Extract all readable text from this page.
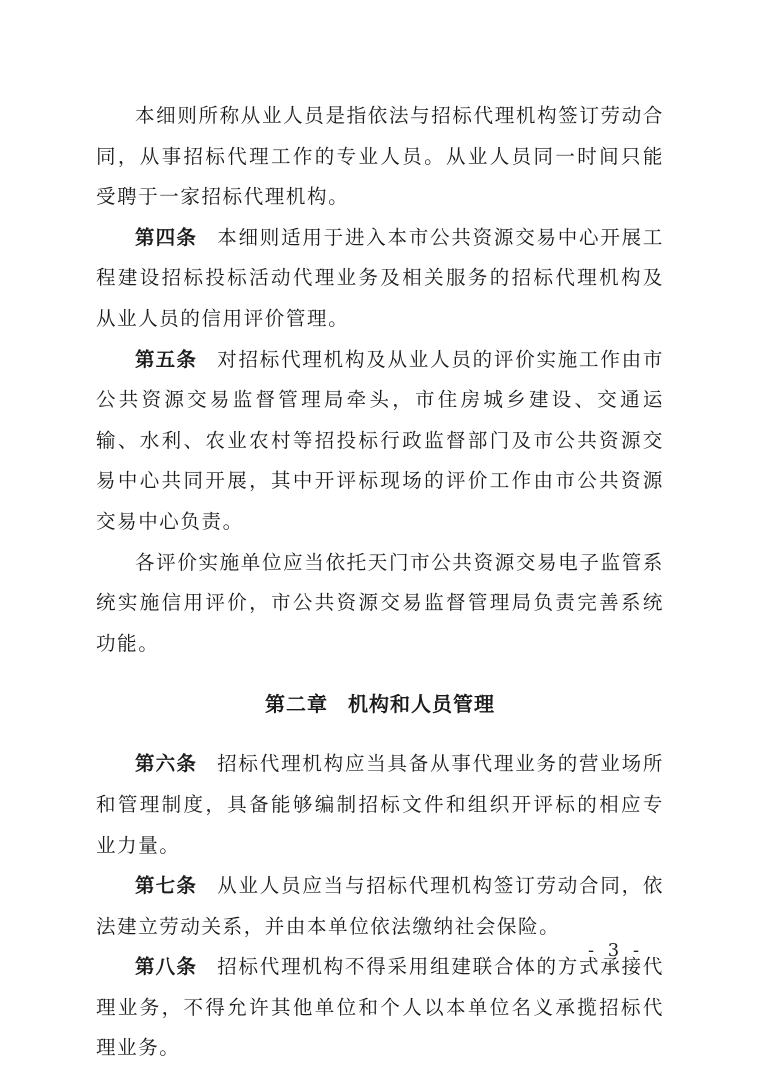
本细则所称从业人员是指依法与招标代理机构签订劳动合同，从事招标代理工作的专业人员。从业人员同一时间只能受聘于一家招标代理机构。

第四条 本细则适用于进入本市公共资源交易中心开展工程建设招标投标活动代理业务及相关服务的招标代理机构及从业人员的信用评价管理。

第五条 对招标代理机构及从业人员的评价实施工作由市公共资源交易监督管理局牵头，市住房城乡建设、交通运输、水利、农业农村等招投标行政监督部门及市公共资源交易中心共同开展，其中开评标现场的评价工作由市公共资源交易中心负责。

各评价实施单位应当依托天门市公共资源交易电子监管系统实施信用评价，市公共资源交易监督管理局负责完善系统功能。

第二章 机构和人员管理

第六条 招标代理机构应当具备从事代理业务的营业场所和管理制度，具备能够编制招标文件和组织开评标的相应专业力量。

第七条 从业人员应当与招标代理机构签订劳动合同，依法建立劳动关系，并由本单位依法缴纳社会保险。

第八条 招标代理机构不得采用组建联合体的方式承接代理业务，不得允许其他单位和个人以本单位名义承揽招标代理业务。

- 3 -
